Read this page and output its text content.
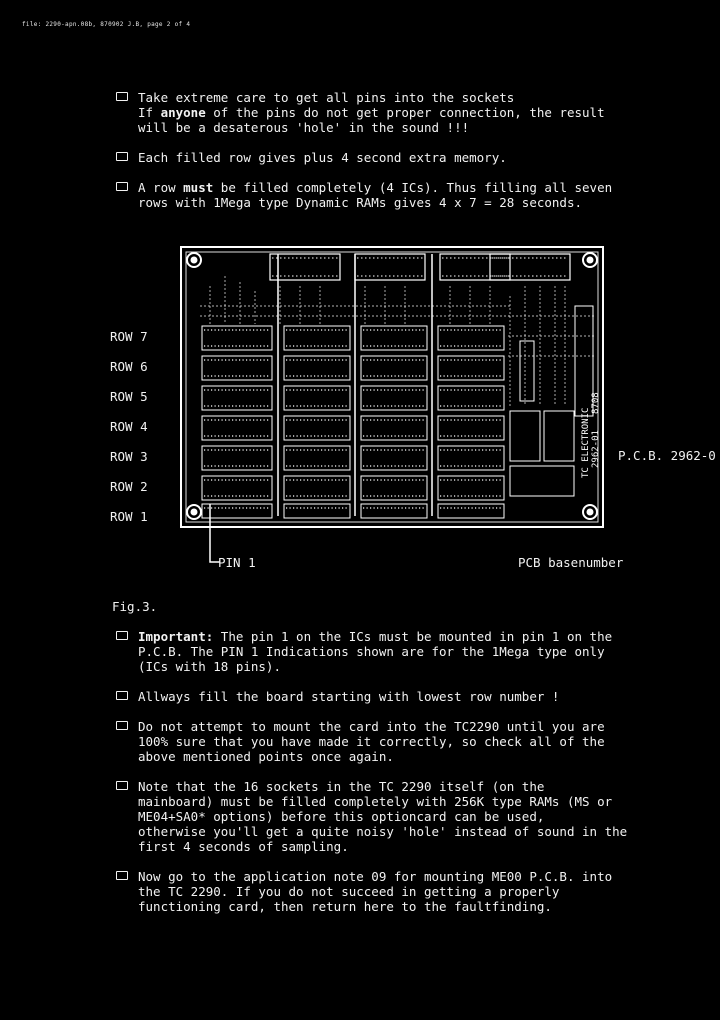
file: 2290-apn.08b, 870902 J.B, page 2 of 4
Take extreme care to get all pins into the sockets
If anyone of the pins do not get proper connection, the result
will be a desaterous 'hole' in the sound !!!
Each filled row gives plus 4 second extra memory.
A row must be filled completely (4 ICs). Thus filling all seven
rows with 1Mega type Dynamic RAMs gives 4 x 7 = 28 seconds.
ROW 7
ROW 6
ROW 5
ROW 4
ROW 3
ROW 2
ROW 1
TC ELECTRONIC 2962-01
8708
P.C.B. 2962-0
PIN 1	PCB basenumber
Fig.3.
Important: The pin 1 on the ICs must be mounted in pin 1 on the
P.C.B. The PIN 1 Indications shown are for the 1Mega type only
(ICs with 18 pins).
Allways fill the board starting with lowest row number !
Do not attempt to mount the card into the TC2290 until you are
100% sure that you have made it correctly, so check all of the
above mentioned points once again.
Note that the 16 sockets in the TC 2290 itself (on the
mainboard) must be filled completely with 256K type RAMs (MS or
ME04+SA0* options) before this optioncard can be used,
otherwise you'll get a quite noisy 'hole' instead of sound in the
first 4 seconds of sampling.
Now go to the application note 09 for mounting ME00 P.C.B. into
the TC 2290. If you do not succeed in getting a properly
functioning card, then return here to the faultfinding.
